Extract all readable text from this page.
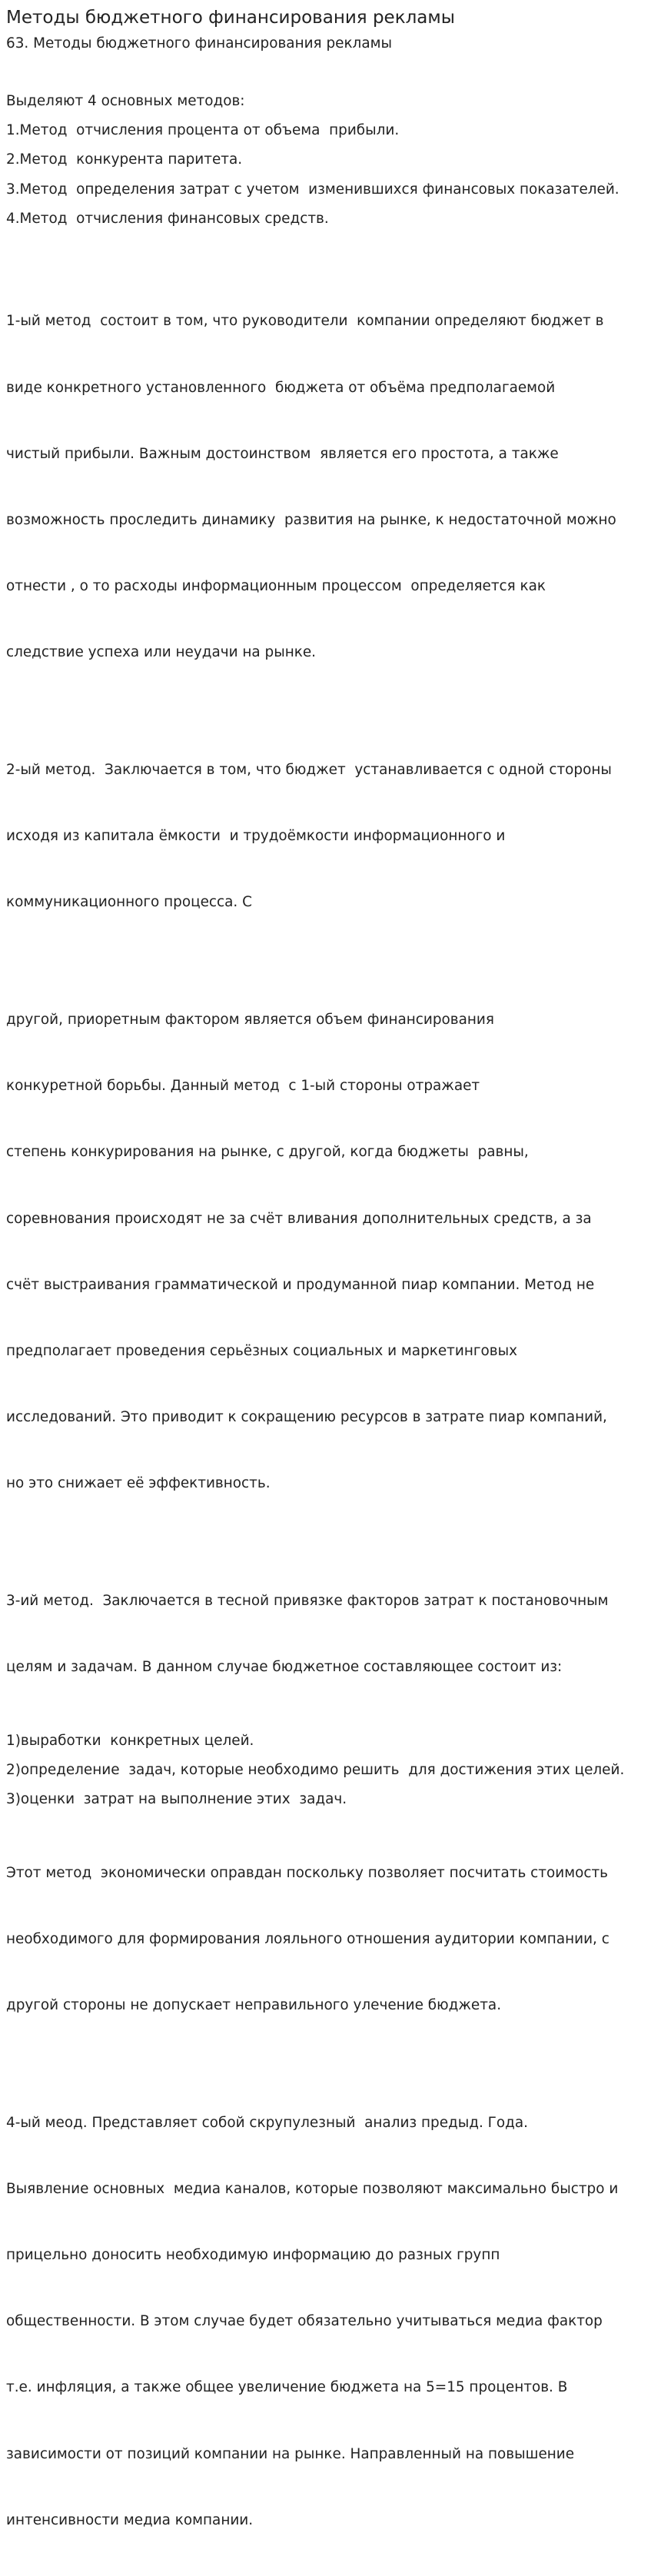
Методы бюджетного финансирования рекламы
63. Методы бюджетного финансирования рекламы

Выделяют 4 основных методов:

1.Метод  отчисления процента от объема  прибыли.

2.Метод  конкурента паритета.

3.Метод  определения затрат с учетом  изменившихся финансовых показателей.

4.Метод  отчисления финансовых средств.

1-ый метод  состоит в том, что руководители  компании определяют бюджет в

виде конкретного установленного  бюджета от объёма предполагаемой

чистый прибыли. Важным достоинством  является его простота, а также

возможность проследить динамику  развития на рынке, к недостаточной можно

отнести , о то расходы информационным процессом  определяется как

следствие успеха или неудачи на рынке.

2-ый метод.  Заключается в том, что бюджет  устанавливается с одной стороны

исходя из капитала ёмкости  и трудоёмкости информационного и

коммуникационного процесса. С

другой, приоретным фактором является объем финансирования

конкуретной борьбы. Данный метод  с 1-ый стороны отражает

степень конкурирования на рынке, с другой, когда бюджеты  равны,

соревнования происходят не за счёт вливания дополнительных средств, а за

счёт выстраивания грамматической и продуманной пиар компании. Метод не

предполагает проведения серьёзных социальных и маркетинговых

исследований. Это приводит к сокращению ресурсов в затрате пиар компаний,

но это снижает её эффективность.

3-ий метод.  Заключается в тесной привязке факторов затрат к постановочным

целям и задачам. В данном случае бюджетное составляющее состоит из:

1)выработки  конкретных целей.

2)определение  задач, которые необходимо решить  для достижения этих целей.

3)оценки  затрат на выполнение этих  задач.

Этот метод  экономически оправдан поскольку позволяет посчитать стоимость

необходимого для формирования лояльного отношения аудитории компании, с

другой стороны не допускает неправильного улечение бюджета.

4-ый меод. Представляет собой скрупулезный  анализ предыд. Года.

Выявление основных  медиа каналов, которые позволяют максимально быстро и

прицельно доносить необходимую информацию до разных групп

общественности. В этом случае будет обязательно учитываться медиа фактор

т.е. инфляция, а также общее увеличение бюджета на 5=15 процентов. В

зависимости от позиций компании на рынке. Направленный на повышение

интенсивности медиа компании.
